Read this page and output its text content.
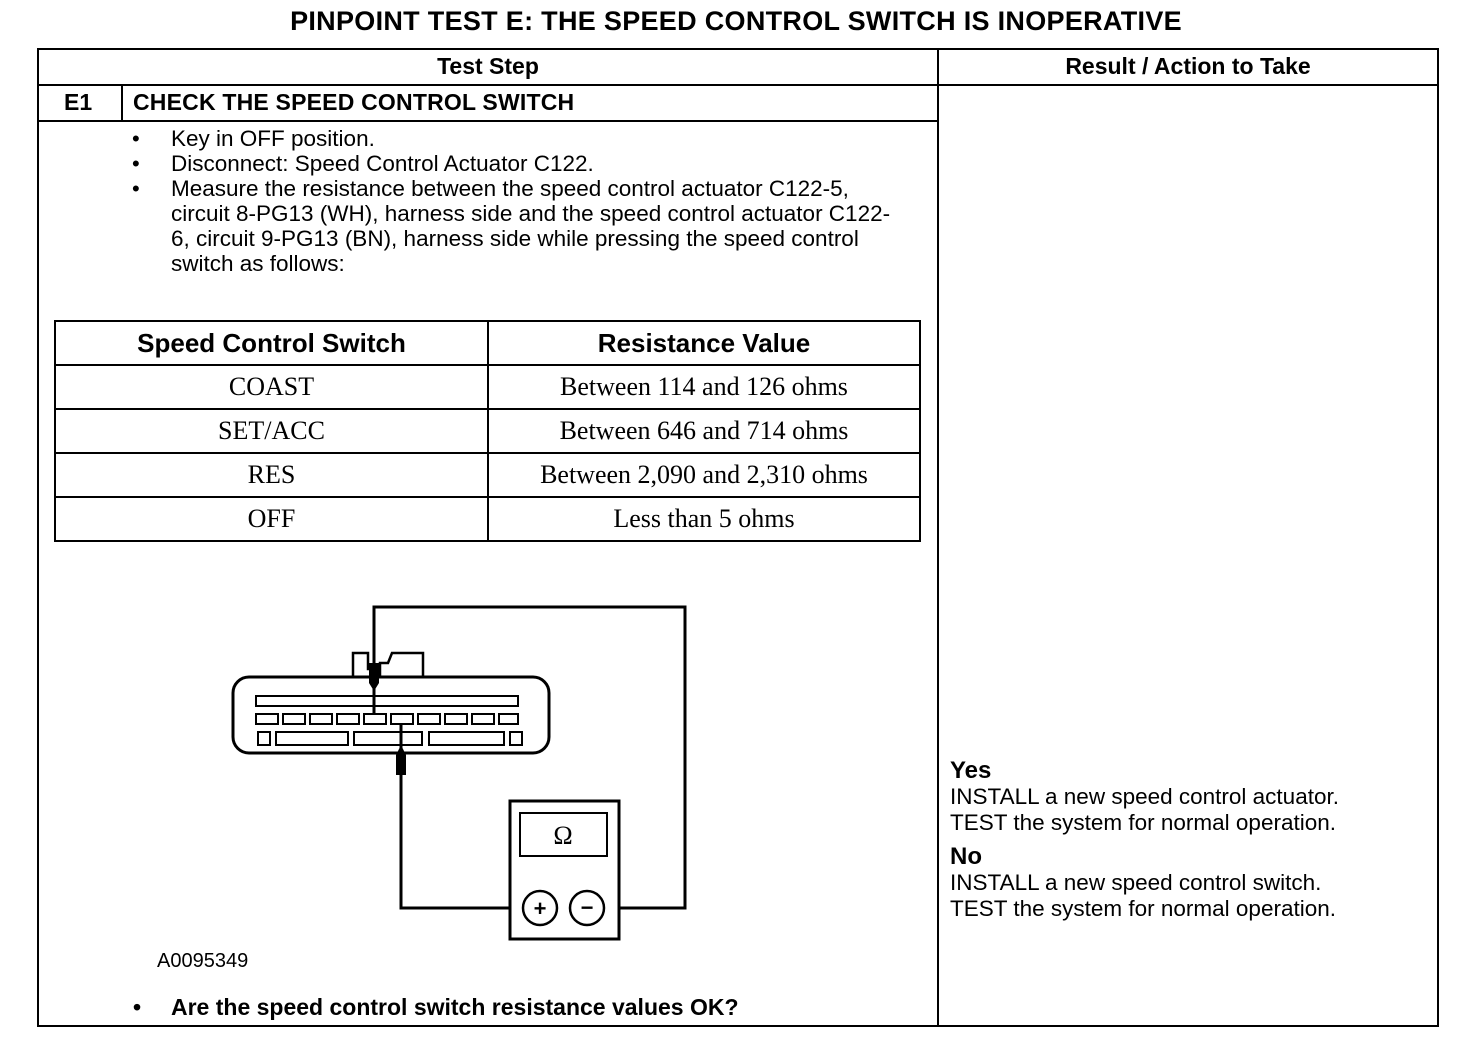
PINPOINT TEST E: THE SPEED CONTROL SWITCH IS INOPERATIVE
Test Step	Result / Action to Take
E1 CHECK THE SPEED CONTROL SWITCH
• Key in OFF position.
• Disconnect: Speed Control Actuator C122.
• Measure the resistance between the speed control actuator C122-5, circuit 8-PG13 (WH), harness side and the speed control actuator C122-6, circuit 9-PG13 (BN), harness side while pressing the speed control switch as follows:
Speed Control Switch	Resistance Value
COAST	Between 114 and 126 ohms
SET/ACC	Between 646 and 714 ohms
RES	Between 2,090 and 2,310 ohms
OFF	Less than 5 ohms
Ω
+ −
A0095349
• Are the speed control switch resistance values OK?
Yes
INSTALL a new speed control actuator.
TEST the system for normal operation.
No
INSTALL a new speed control switch.
TEST the system for normal operation.
